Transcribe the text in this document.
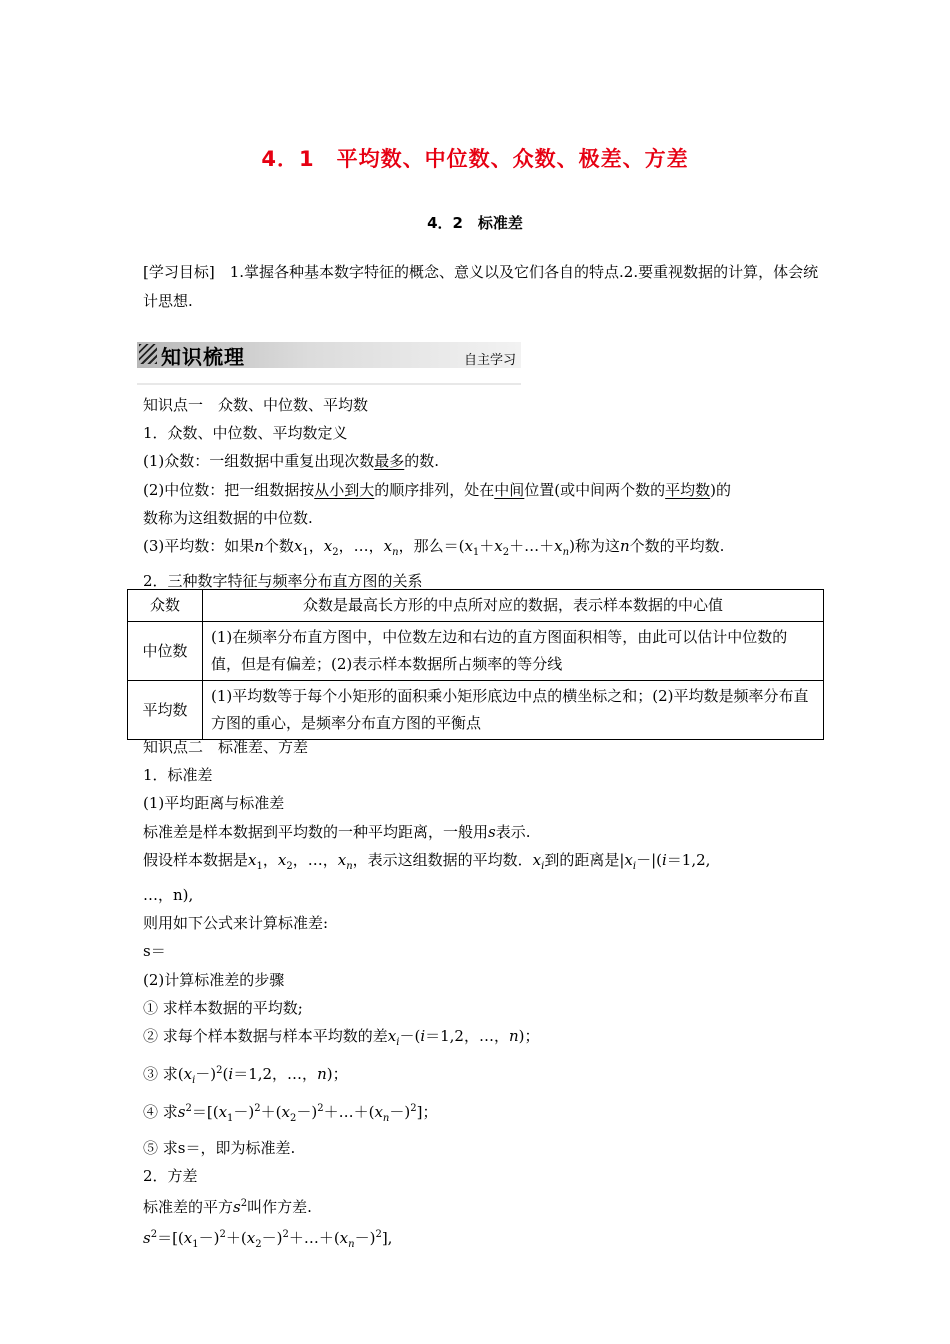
4．1　平均数、中位数、众数、极差、方差
4．2　标准差
[学习目标]　1.掌握各种基本数字特征的概念、意义以及它们各自的特点.2.要重视数据的计算，体会统计思想.
知识梳理	自主学习

知识点一　众数、中位数、平均数

1．众数、中位数、平均数定义

(1)众数：一组数据中重复出现次数最多的数.

(2)中位数：把一组数据按从小到大的顺序排列，处在中间位置(或中间两个数的平均数)的

数称为这组数据的中位数.

(3)平均数：如果n个数$x_1$，$x_2$，…，$x_n$，那么$=(x_1+x_2+\dots+x_n)$称为这n个数的平均数.

2．三种数字特征与频率分布直方图的关系

众数	众数是最高长方形的中点所对应的数据，表示样本数据的中心值
中位数	(1)在频率分布直方图中，中位数左边和右边的直方图面积相等，由此可以估计中位数的值，但是有偏差；(2)表示样本数据所占频率的等分线
平均数	(1)平均数等于每个小矩形的面积乘小矩形底边中点的横坐标之和；(2)平均数是频率分布直方图的重心，是频率分布直方图的平衡点

知识点二　标准差、方差

1．标准差

(1)平均距离与标准差

标准差是样本数据到平均数的一种平均距离，一般用s表示.

假设样本数据是$x_1$，$x_2$，…，$x_n$，表示这组数据的平均数．$x_i$到的距离是$|x_i-|(i=1,2$,

…，n),

则用如下公式来计算标准差:

s＝

(2)计算标准差的步骤

① 求样本数据的平均数;

② 求每个样本数据与样本平均数的差$x_i-(i=1,2$，…，n)；

③ 求$(x_i-)^2(i=1,2$，…，n)；

④ 求$s^2=[(x_1-)^2+(x_2-)^2+\dots+(x_n-)^2]$；

⑤ 求s＝，即为标准差.

2．方差

标准差的平方$s^2$叫作方差.

$s^2=[(x_1-)^2+(x_2-)^2+\dots+(x_n-)^2]$,
